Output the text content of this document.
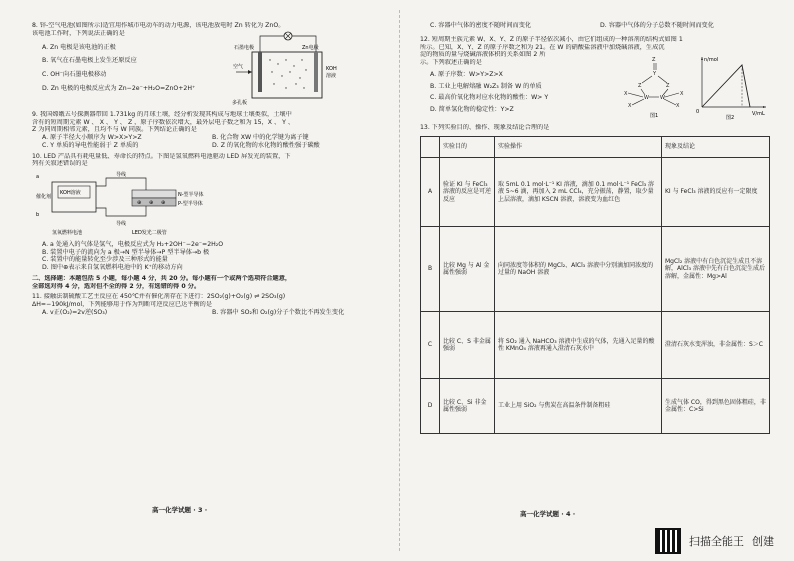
8. 锌-空气电池(如图所示)适宜用作城市电动车的动力电源，该电池放电时 Zn 转化为 ZnO。
该电池工作时，下列说法正确的是
A. Zn 电极是该电池的正极
B. 氧气在石墨电极上发生还原反应
C. OH⁻向石墨电极移动
D. Zn 电极的电极反应式为 Zn−2e⁻+H₂O=ZnO+2H⁺
石墨电极	Zn电极
空气	KOH
溶液
多孔板
9. 我国嫦娥五号探测器带回 1.731kg 的月球土壤，经分析发现其构成与地球土壤类似，土壤中
含有的短周期元素 W 、 X 、 Y 、 Z ，原子序数依次增大，最外层电子数之和为 15，X 、 Y 、
Z 为同周期相邻元素，且均不与 W 同族。下列结论正确的是
A. 原子半径大小顺序为 W>X>Y>Z	B. 化合物 XW 中的化学键为离子键
C. Y 单质的导电性能弱于 Z 单质的	D. Z 的氧化物的水化物的酸性强于碳酸
10. LED 产品具有耗电量低、寿命长的特点。下图是氢氧燃料电池驱动 LED 屏发光的装置，下
列有关叙述错误的是
a
b
催化剂
KOH溶液
导线
导线
⊕ ⊕ ⊕
N-型半导体
P-型半导体
氢氧燃料电池	LED发光二极管
A. a 处通入的气体是氢气，电极反应式为 H₂+2OH⁻−2e⁻=2H₂O
B. 装置中电子的流向为 a 极→N 型半导体→P 型半导体→b 极
C. 装置中的能量转化至少涉及三种形式的能量
D. 图中⊕表示来自氢氧燃料电池中的 K⁺的移动方向
二、选择题：本题包括 5 小题，每小题 4 分，共 20 分。每小题有一个或两个选项符合题意，
全部选对得 4 分，选对但不全的得 2 分，有选错的得 0 分。
11. 接触法制硫酸工艺主反应在 450℃并有催化剂存在下进行：2SO₂(g)+O₂(g) ⇌ 2SO₃(g)
ΔH=−190kJ/mol，下列能够用于作为判断可逆反应已达平衡的是
A. v正(O₂)=2v逆(SO₃)	B. 容器中 SO₂和 O₂(g)分子个数比不再发生变化
高一化学试题 · 3 ·
C. 容器中气体的密度不随时间而变化	D. 容器中气体的分子总数不随时间而变化
12. 短周期主族元素 W、X、Y、Z 的原子半径依次减小，由它们组成的一种溶剂的结构式如图 1
所示。已知，X、Y、Z 的原子序数之和为 21。在 W 的硝酸盐溶液中加烧碱溶液，生成沉
淀的物质的量与烧碱溶液体积的关系如图 2 所
示。下列叙述正确的是
A. 原子序数：W>Y>Z>X
B. 工业上电解熔融 W₂Z₃ 制备 W 的单质
C. 最高价氧化物对应水化物的酸性：W> Y
D. 简单氢化物的稳定性：Y>Z
Z
Y
Z	Z
W W
X
X
X
X
图1
n/mol
V/mL
0
图2
13. 下列实验目的、操作、现象及结论合理的是
	实验目的	实验操作	现象及结论
A	验证 KI 与 FeCl₃ 溶液的反应是可逆反应	取 5mL 0.1 mol·L⁻¹ KI 溶液，滴加 0.1 mol·L⁻¹ FeCl₃ 溶液 5~6 滴，再加入 2 mL CCl₄，充分振荡，静置，取少量上层溶液，滴加 KSCN 溶液，溶液变为血红色	KI 与 FeCl₃ 溶液的反应有一定限度
B	比较 Mg 与 Al 金属性强弱	向同浓度等体积的 MgCl₂、AlCl₃ 溶液中分别滴加同浓度的过量的 NaOH 溶液	MgCl₂ 溶液中有白色沉淀生成且不溶解，AlCl₃ 溶液中先有白色沉淀生成后溶解，金属性：Mg>Al
C	比较 C、S 非金属强弱	将 SO₂ 通入 NaHCO₃ 溶液中生成的气体，先通入足量的酸性 KMnO₄ 溶液再通入澄清石灰水中	澄清石灰水变浑浊，非金属性：S＞C
D	比较 C、Si 非金属性强弱	工业上用 SiO₂ 与焦炭在高温条件制备粗硅	生成气体 CO，得到黑色固体粗硅，非金属性：C>Si
高一化学试题 · 4 ·
扫描全能王 创建
